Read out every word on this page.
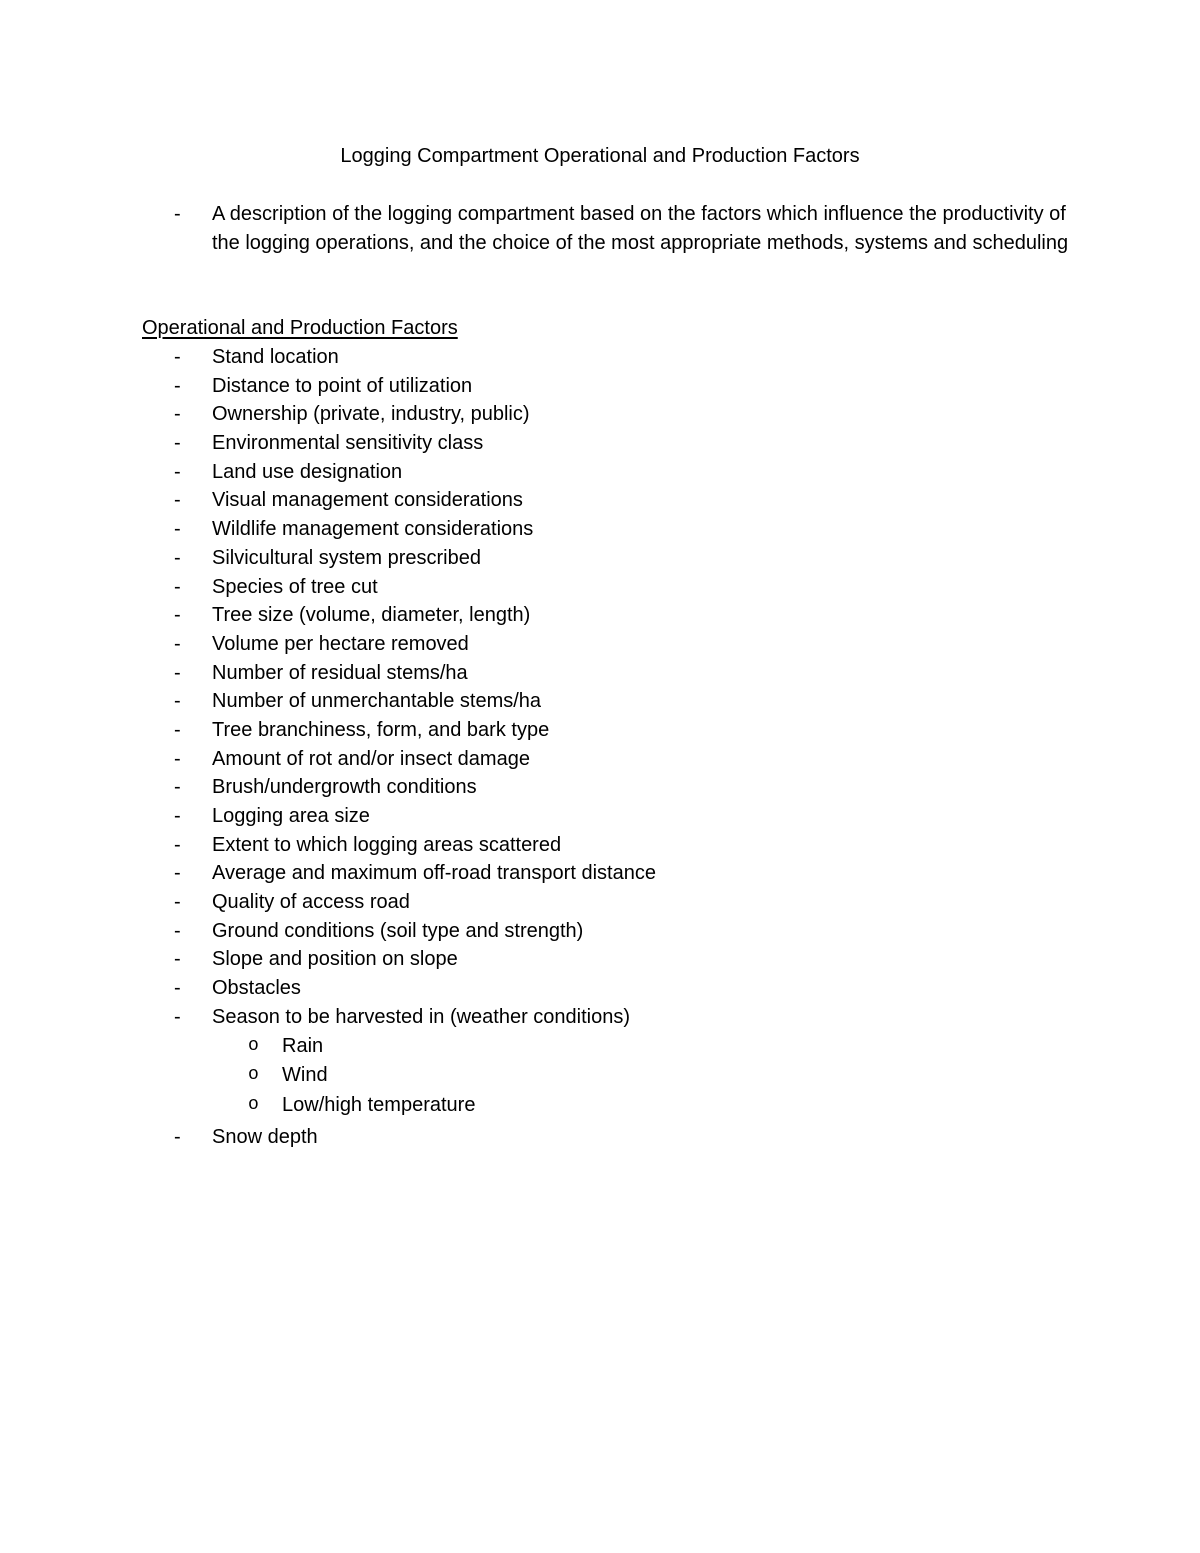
Logging Compartment Operational and Production Factors
-	A description of the logging compartment based on the factors which influence the productivity of the logging operations, and the choice of the most appropriate methods, systems and scheduling
Operational and Production Factors
- Stand location
- Distance to point of utilization
- Ownership (private, industry, public)
- Environmental sensitivity class
- Land use designation
- Visual management considerations
- Wildlife management considerations
- Silvicultural system prescribed
- Species of tree cut
- Tree size (volume, diameter, length)
- Volume per hectare removed
- Number of residual stems/ha
- Number of unmerchantable stems/ha
- Tree branchiness, form, and bark type
- Amount of rot and/or insect damage
- Brush/undergrowth conditions
- Logging area size
- Extent to which logging areas scattered
- Average and maximum off-road transport distance
- Quality of access road
- Ground conditions (soil type and strength)
- Slope and position on slope
- Obstacles
- Season to be harvested in (weather conditions)
o Rain
o Wind
o Low/high temperature
- Snow depth
